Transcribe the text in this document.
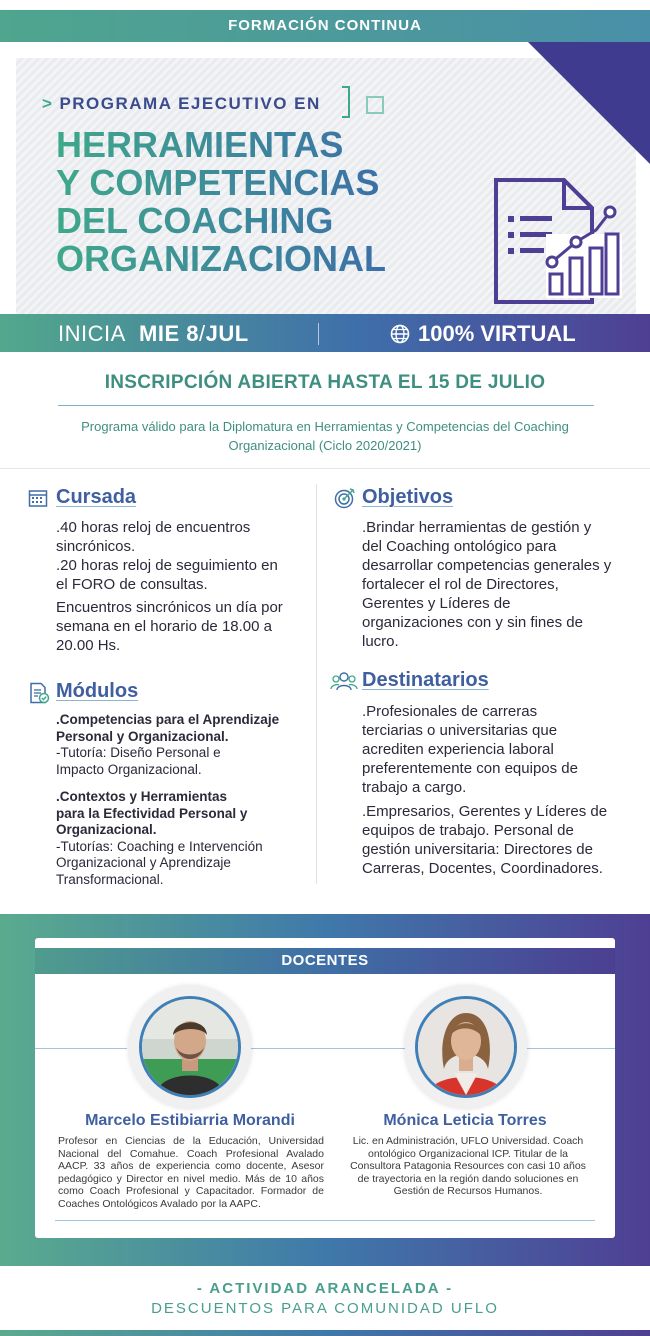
FORMACIÓN CONTINUA
> PROGRAMA EJECUTIVO EN
HERRAMIENTAS
Y COMPETENCIAS
DEL COACHING
ORGANIZACIONAL
INICIA MIE 8/JUL	100% VIRTUAL
INSCRIPCIÓN ABIERTA HASTA EL 15 DE JULIO
Programa válido para la Diplomatura en Herramientas y Competencias del Coaching Organizacional (Ciclo 2020/2021)
Cursada

.40 horas reloj de encuentros sincrónicos.

.20 horas reloj de seguimiento en el FORO de consultas.

Encuentros sincrónicos un día por semana en el horario de 18.00 a 20.00 Hs.

Módulos
.Competencias para el Aprendizaje Personal y Organizacional.
-Tutoría: Diseño Personal e Impacto Organizacional.
.Contextos y Herramientas para la Efectividad Personal y Organizacional.
-Tutorías: Coaching e Intervención Organizacional y Aprendizaje Transformacional.
Objetivos
.Brindar herramientas de gestión y del Coaching ontológico para desarrollar competencias generales y fortalecer el rol de Directores, Gerentes y Líderes de organizaciones con y sin fines de lucro.
Destinatarios

.Profesionales de carreras terciarias o universitarias que acrediten experiencia laboral preferentemente con equipos de trabajo a cargo.

.Empresarios, Gerentes y Líderes de equipos de trabajo. Personal de gestión universitaria: Directores de Carreras, Docentes, Coordinadores.

DOCENTES
Marcelo Estibiarria Morandi
Profesor en Ciencias de la Educación, Universidad Nacional del Comahue. Coach Profesional Avalado AACP. 33 años de experiencia como docente, Asesor pedagógico y Director en nivel medio. Más de 10 años como Coach Profesional y Capacitador. Formador de Coaches Ontológicos Avalado por la AAPC.
Mónica Leticia Torres
Lic. en Administración, UFLO Universidad. Coach ontológico Organizacional ICP. Titular de la Consultora Patagonia Resources con casi 10 años de trayectoria en la región dando soluciones en Gestión de Recursos Humanos.
- ACTIVIDAD ARANCELADA -
DESCUENTOS PARA COMUNIDAD UFLO
